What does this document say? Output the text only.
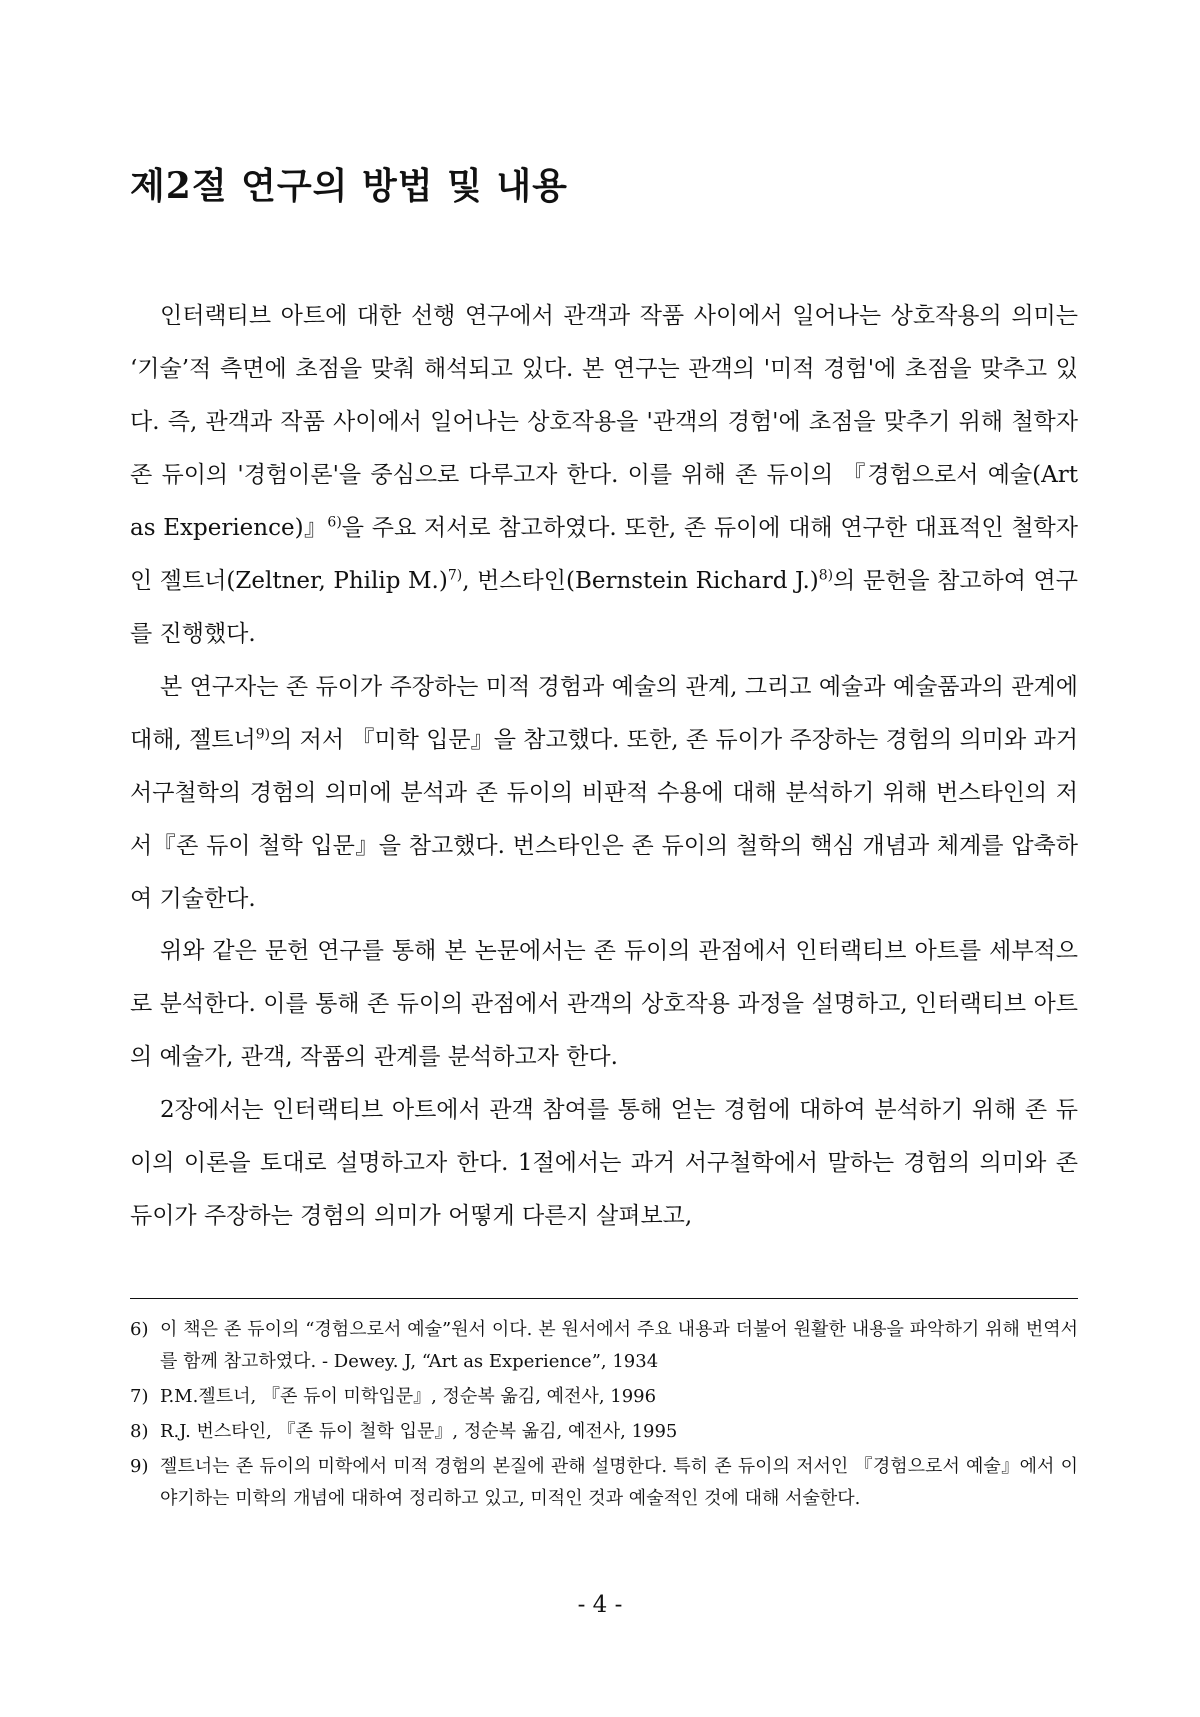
제2절 연구의 방법 및 내용

인터랙티브 아트에 대한 선행 연구에서 관객과 작품 사이에서 일어나는 상호작용의 의미는 ‘기술’적 측면에 초점을 맞춰 해석되고 있다. 본 연구는 관객의 '미적 경험'에 초점을 맞추고 있다. 즉, 관객과 작품 사이에서 일어나는 상호작용을 '관객의 경험'에 초점을 맞추기 위해 철학자 존 듀이의 '경험이론'을 중심으로 다루고자 한다. 이를 위해 존 듀이의 『경험으로서 예술(Art as Experience)』$^{6)}$을 주요 저서로 참고하였다. 또한, 존 듀이에 대해 연구한 대표적인 철학자인 젤트너(Zeltner, Philip M.)$^{7)}$, 번스타인(Bernstein Richard J.)$^{8)}$의 문헌을 참고하여 연구를 진행했다.

본 연구자는 존 듀이가 주장하는 미적 경험과 예술의 관계, 그리고 예술과 예술품과의 관계에 대해, 젤트너$^{9)}$의 저서 『미학 입문』을 참고했다. 또한, 존 듀이가 주장하는 경험의 의미와 과거 서구철학의 경험의 의미에 분석과 존 듀이의 비판적 수용에 대해 분석하기 위해 번스타인의 저서『존 듀이 철학 입문』을 참고했다. 번스타인은 존 듀이의 철학의 핵심 개념과 체계를 압축하여 기술한다.

위와 같은 문헌 연구를 통해 본 논문에서는 존 듀이의 관점에서 인터랙티브 아트를 세부적으로 분석한다. 이를 통해 존 듀이의 관점에서 관객의 상호작용 과정을 설명하고, 인터랙티브 아트의 예술가, 관객, 작품의 관계를 분석하고자 한다.

2장에서는 인터랙티브 아트에서 관객 참여를 통해 얻는 경험에 대하여 분석하기 위해 존 듀이의 이론을 토대로 설명하고자 한다. 1절에서는 과거 서구철학에서 말하는 경험의 의미와 존 듀이가 주장하는 경험의 의미가 어떻게 다른지 살펴보고,

6) 이 책은 존 듀이의 “경험으로서 예술”원서 이다. 본 원서에서 주요 내용과 더불어 원활한 내용을 파악하기 위해 번역서를 함께 참고하였다. - Dewey. J, “Art as Experience”, 1934
7) P.M.젤트너, 『존 듀이 미학입문』, 정순복 옮김, 예전사, 1996
8) R.J. 번스타인, 『존 듀이 철학 입문』, 정순복 옮김, 예전사, 1995
9) 젤트너는 존 듀이의 미학에서 미적 경험의 본질에 관해 설명한다. 특히 존 듀이의 저서인 『경험으로서 예술』에서 이야기하는 미학의 개념에 대하여 정리하고 있고, 미적인 것과 예술적인 것에 대해 서술한다.
- 4 -
